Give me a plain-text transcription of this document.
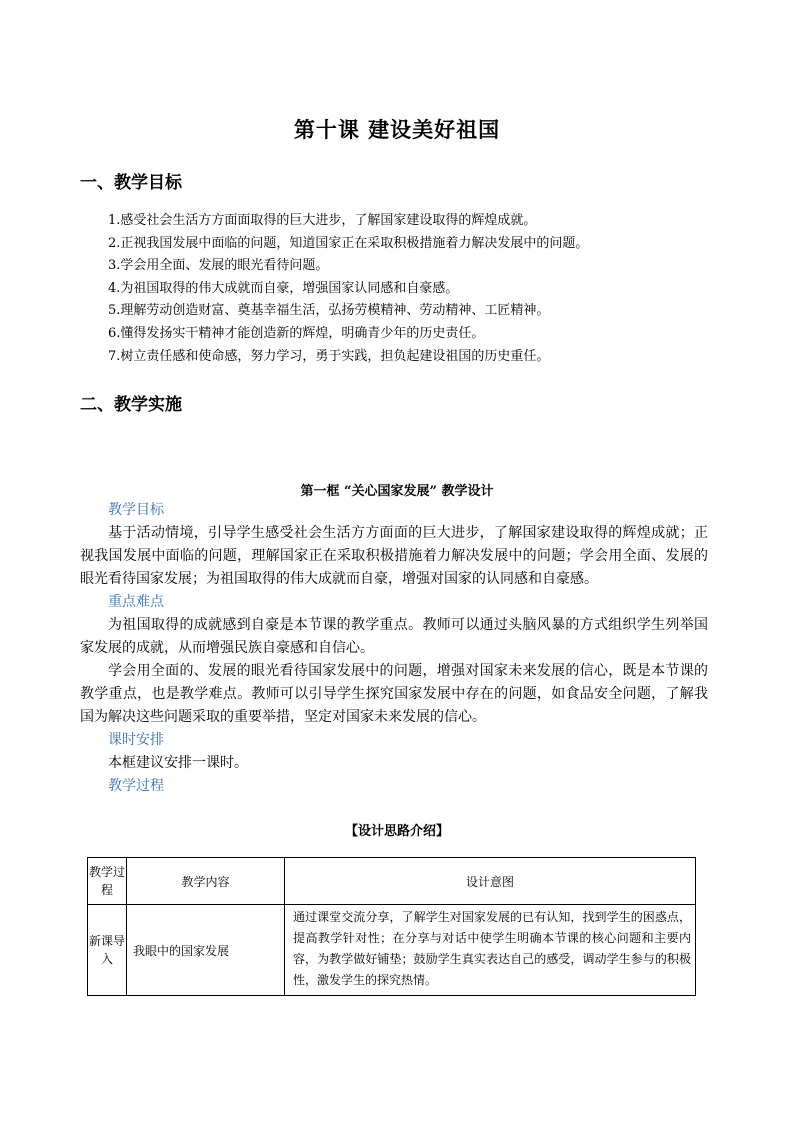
第十课 建设美好祖国
一、教学目标
1.感受社会生活方方面面取得的巨大进步，了解国家建设取得的辉煌成就。
2.正视我国发展中面临的问题，知道国家正在采取积极措施着力解决发展中的问题。
3.学会用全面、发展的眼光看待问题。
4.为祖国取得的伟大成就而自豪，增强国家认同感和自豪感。
5.理解劳动创造财富、奠基幸福生活，弘扬劳模精神、劳动精神、工匠精神。
6.懂得发扬实干精神才能创造新的辉煌，明确青少年的历史责任。
7.树立责任感和使命感，努力学习，勇于实践，担负起建设祖国的历史重任。
二、教学实施
第一框 “关心国家发展” 教学设计

教学目标

基于活动情境，引导学生感受社会生活方方面面的巨大进步，了解国家建设取得的辉煌成就；正视我国发展中面临的问题，理解国家正在采取积极措施着力解决发展中的问题；学会用全面、发展的眼光看待国家发展；为祖国取得的伟大成就而自豪，增强对国家的认同感和自豪感。

重点难点

为祖国取得的成就感到自豪是本节课的教学重点。教师可以通过头脑风暴的方式组织学生列举国家发展的成就，从而增强民族自豪感和自信心。

学会用全面的、发展的眼光看待国家发展中的问题，增强对国家未来发展的信心，既是本节课的教学重点，也是教学难点。教师可以引导学生探究国家发展中存在的问题，如食品安全问题，了解我国为解决这些问题采取的重要举措，坚定对国家未来发展的信心。

课时安排

本框建议安排一课时。

教学过程

【设计思路介绍】
教学过程	教学内容	设计意图
新课导入	我眼中的国家发展	通过课堂交流分享，了解学生对国家发展的已有认知，找到学生的困惑点，提高教学针对性；在分享与对话中使学生明确本节课的核心问题和主要内容，为教学做好铺垫；鼓励学生真实表达自己的感受，调动学生参与的积极性，激发学生的探究热情。
